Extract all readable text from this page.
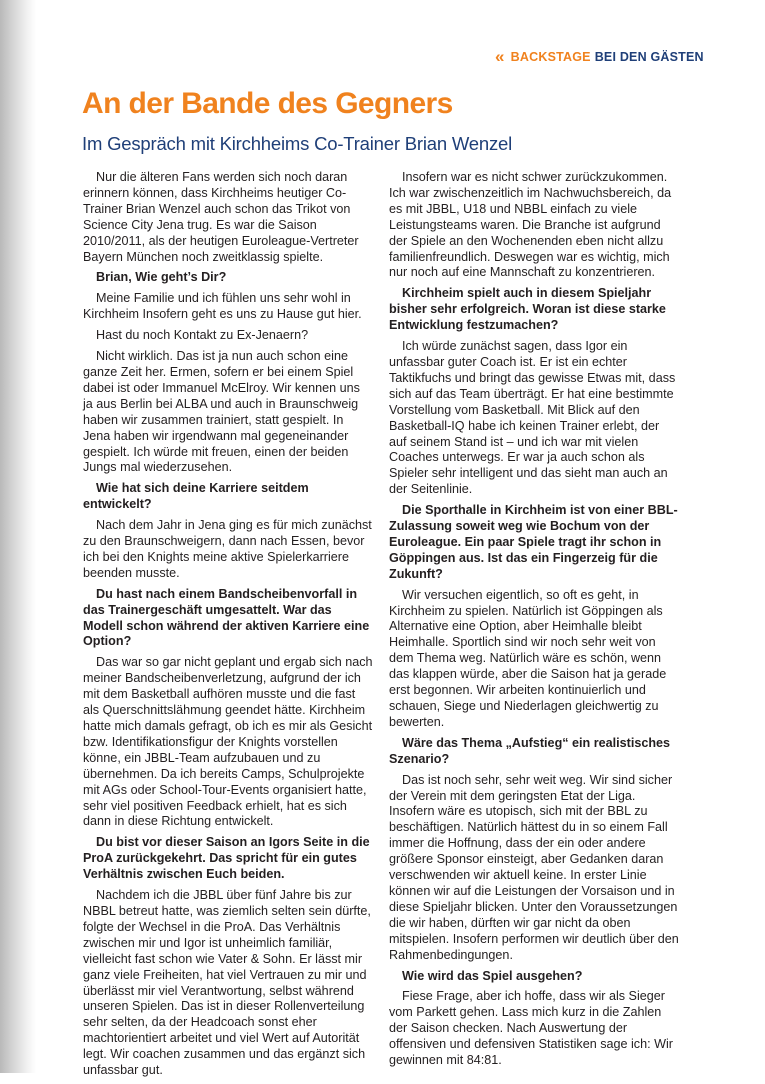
« BACKSTAGE BEI DEN GÄSTEN
An der Bande des Gegners
Im Gespräch mit Kirchheims Co-Trainer Brian Wenzel

Nur die älteren Fans werden sich noch daran erinnern können, dass Kirchheims heutiger Co-Trainer Brian Wenzel auch schon das Trikot von Science City Jena trug. Es war die Saison 2010/2011, als der heutigen Euroleague-Vertreter Bayern München noch zweitklassig spielte.

Brian, Wie geht’s Dir?

Meine Familie und ich fühlen uns sehr wohl in Kirchheim Insofern geht es uns zu Hause gut hier.

Hast du noch Kontakt zu Ex-Jenaern?

Nicht wirklich. Das ist ja nun auch schon eine ganze Zeit her. Ermen, sofern er bei einem Spiel dabei ist oder Immanuel McElroy. Wir kennen uns ja aus Berlin bei ALBA und auch in Braunschweig haben wir zusammen trainiert, statt gespielt. In Jena haben wir irgendwann mal gegeneinander gespielt. Ich würde mit freuen, einen der beiden Jungs mal wiederzusehen.

Wie hat sich deine Karriere seitdem entwickelt?

Nach dem Jahr in Jena ging es für mich zunächst zu den Braunschweigern, dann nach Essen, bevor ich bei den Knights meine aktive Spielerkarriere beenden musste.

Du hast nach einem Bandscheibenvorfall in das Trainergeschäft umgesattelt. War das Modell schon während der aktiven Karriere eine Option?

Das war so gar nicht geplant und ergab sich nach meiner Bandscheibenverletzung, aufgrund der ich mit dem Basketball aufhören musste und die fast als Querschnittslähmung geendet hätte. Kirchheim hatte mich damals gefragt, ob ich es mir als Gesicht bzw. Identifikationsfigur der Knights vorstellen könne, ein JBBL-Team aufzubauen und zu übernehmen. Da ich bereits Camps, Schulprojekte mit AGs oder School-Tour-Events organisiert hatte, sehr viel positiven Feedback erhielt, hat es sich dann in diese Richtung entwickelt.

Du bist vor dieser Saison an Igors Seite in die ProA zurückgekehrt. Das spricht für ein gutes Verhältnis zwischen Euch beiden.

Nachdem ich die JBBL über fünf Jahre bis zur NBBL betreut hatte, was ziemlich selten sein dürfte, folgte der Wechsel in die ProA. Das Verhältnis zwischen mir und Igor ist unheimlich familiär, vielleicht fast schon wie Vater & Sohn. Er lässt mir ganz viele Freiheiten, hat viel Vertrauen zu mir und überlässt mir viel Verantwortung, selbst während unseren Spielen. Das ist in dieser Rollenverteilung sehr selten, da der Headcoach sonst eher machtorientiert arbeitet und viel Wert auf Autorität legt. Wir coachen zusammen und das ergänzt sich unfassbar gut.

Insofern war es nicht schwer zurückzukommen. Ich war zwischenzeitlich im Nachwuchsbereich, da es mit JBBL, U18 und NBBL einfach zu viele Leistungsteams waren. Die Branche ist aufgrund der Spiele an den Wochenenden eben nicht allzu familienfreundlich. Deswegen war es wichtig, mich nur noch auf eine Mannschaft zu konzentrieren.

Kirchheim spielt auch in diesem Spieljahr bisher sehr erfolgreich. Woran ist diese starke Entwicklung festzumachen?

Ich würde zunächst sagen, dass Igor ein unfassbar guter Coach ist. Er ist ein echter Taktikfuchs und bringt das gewisse Etwas mit, dass sich auf das Team überträgt. Er hat eine bestimmte Vorstellung vom Basketball. Mit Blick auf den Basketball-IQ habe ich keinen Trainer erlebt, der auf seinem Stand ist – und ich war mit vielen Coaches unterwegs. Er war ja auch schon als Spieler sehr intelligent und das sieht man auch an der Seitenlinie.

Die Sporthalle in Kirchheim ist von einer BBL-Zulassung soweit weg wie Bochum von der Euroleague. Ein paar Spiele tragt ihr schon in Göppingen aus. Ist das ein Fingerzeig für die Zukunft?

Wir versuchen eigentlich, so oft es geht, in Kirchheim zu spielen. Natürlich ist Göppingen als Alternative eine Option, aber Heimhalle bleibt Heimhalle. Sportlich sind wir noch sehr weit von dem Thema weg. Natürlich wäre es schön, wenn das klappen würde, aber die Saison hat ja gerade erst begonnen. Wir arbeiten kontinuierlich und schauen, Siege und Niederlagen gleichwertig zu bewerten.

Wäre das Thema „Aufstieg“ ein realistisches Szenario?

Das ist noch sehr, sehr weit weg. Wir sind sicher der Verein mit dem geringsten Etat der Liga. Insofern wäre es utopisch, sich mit der BBL zu beschäftigen. Natürlich hättest du in so einem Fall immer die Hoffnung, dass der ein oder andere größere Sponsor einsteigt, aber Gedanken daran verschwenden wir aktuell keine. In erster Linie können wir auf die Leistungen der Vorsaison und in diese Spieljahr blicken. Unter den Voraussetzungen die wir haben, dürften wir gar nicht da oben mitspielen. Insofern performen wir deutlich über den Rahmenbedingungen.

Wie wird das Spiel ausgehen?

Fiese Frage, aber ich hoffe, dass wir als Sieger vom Parkett gehen. Lass mich kurz in die Zahlen der Saison checken. Nach Auswertung der offensiven und defensiven Statistiken sage ich: Wir gewinnen mit 84:81.
